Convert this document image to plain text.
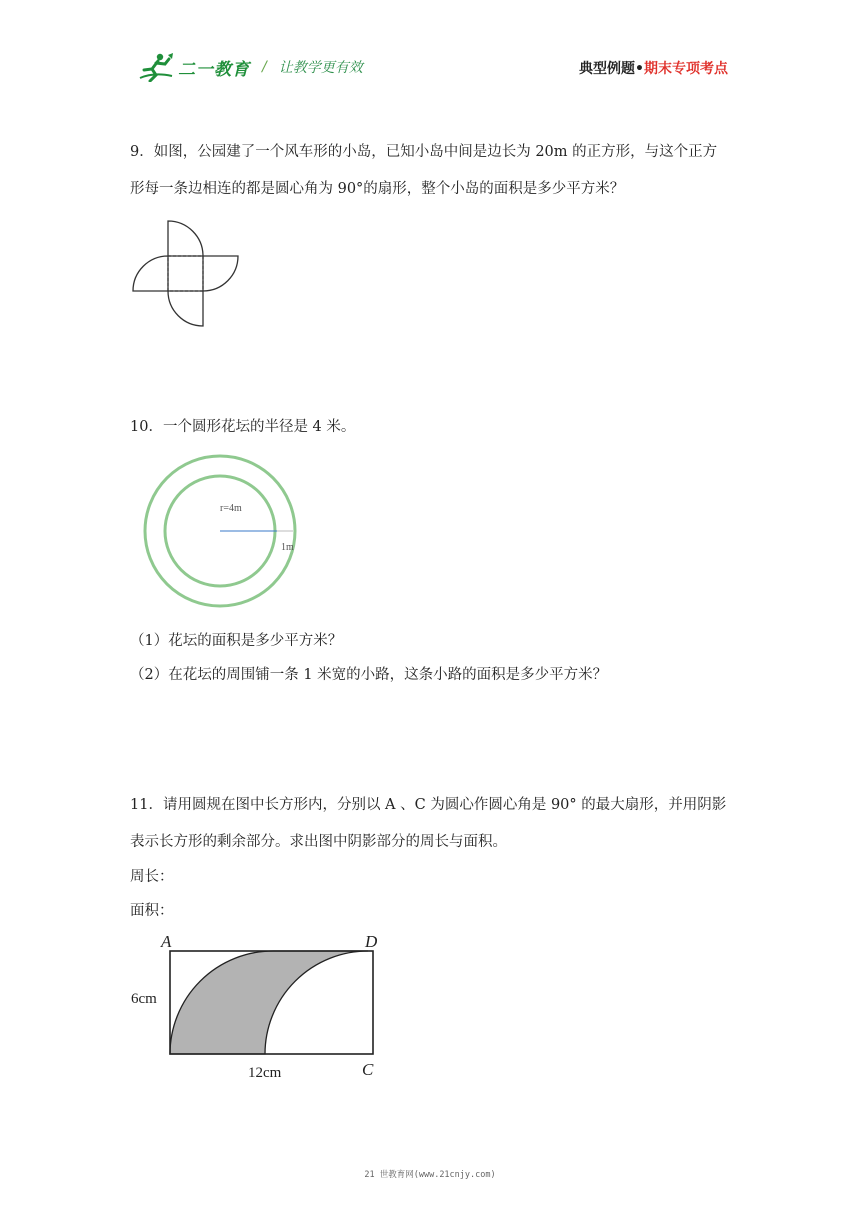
二一教育 / 让教学更有效	典型例题•期末专项考点

9．如图，公园建了一个风车形的小岛，已知小岛中间是边长为 20m 的正方形，与这个正方

形每一条边相连的都是圆心角为 90°的扇形，整个小岛的面积是多少平方米？

10．一个圆形花坛的半径是 4 米。

r=4m
1m

（1）花坛的面积是多少平方米？

（2）在花坛的周围铺一条 1 米宽的小路，这条小路的面积是多少平方米？

11．请用圆规在图中长方形内，分别以 A 、C 为圆心作圆心角是 90° 的最大扇形，并用阴影

表示长方形的剩余部分。求出图中阴影部分的周长与面积。

周长：

面积：

A	D
C
6cm
12cm
21 世教育网(www.21cnjy.com)
